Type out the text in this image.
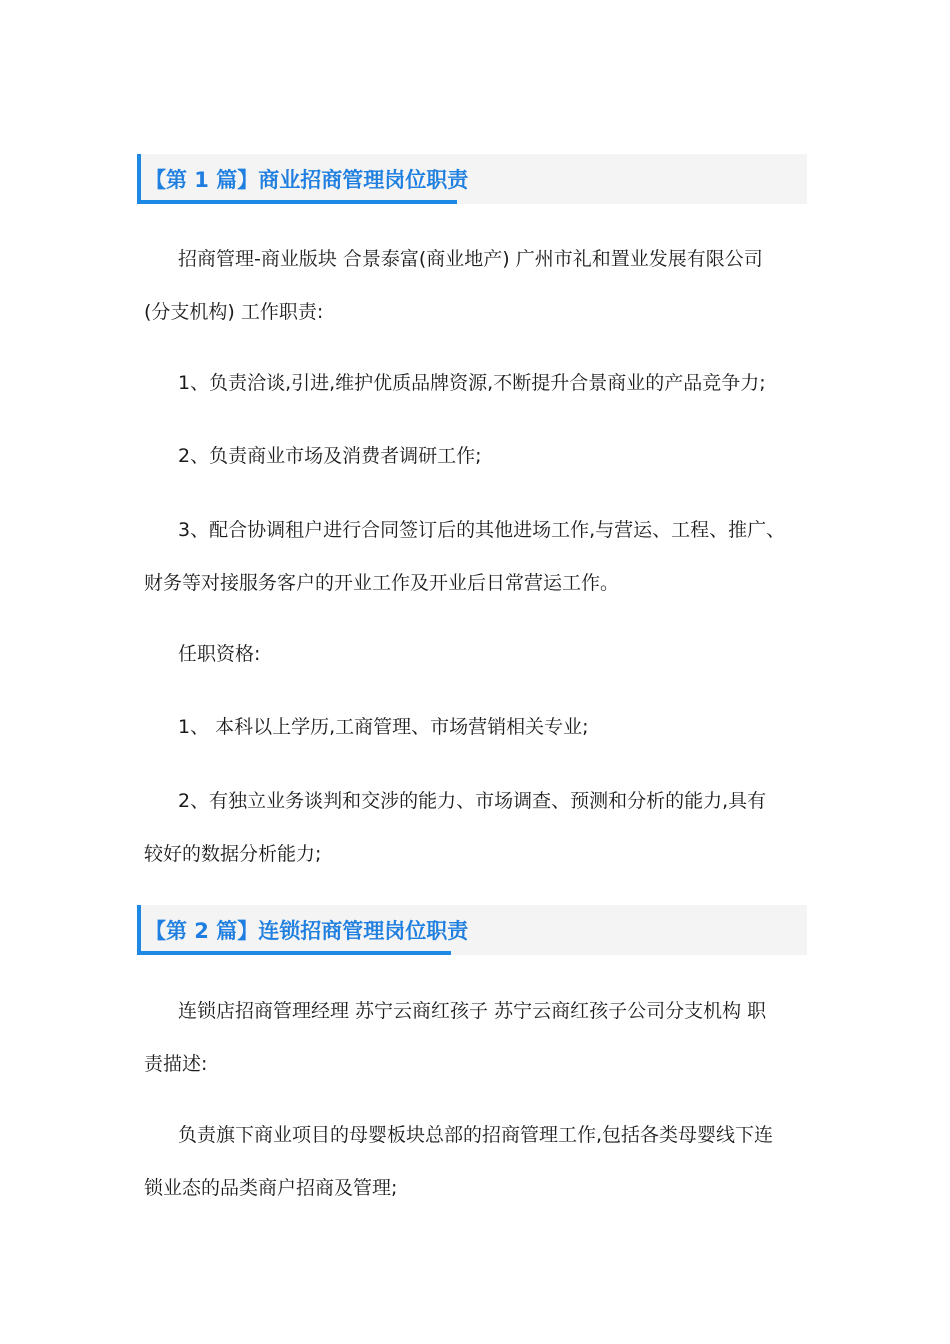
【第 1 篇】商业招商管理岗位职责
招商管理-商业版块 合景泰富(商业地产) 广州市礼和置业发展有限公司
(分支机构) 工作职责:
1、负责洽谈,引进,维护优质品牌资源,不断提升合景商业的产品竞争力;
2、负责商业市场及消费者调研工作;
3、配合协调租户进行合同签订后的其他进场工作,与营运、工程、推广、
财务等对接服务客户的开业工作及开业后日常营运工作。
任职资格:
1、 本科以上学历,工商管理、市场营销相关专业;
2、有独立业务谈判和交涉的能力、市场调查、预测和分析的能力,具有
较好的数据分析能力;
【第 2 篇】连锁招商管理岗位职责
连锁店招商管理经理 苏宁云商红孩子 苏宁云商红孩子公司分支机构 职
责描述:
负责旗下商业项目的母婴板块总部的招商管理工作,包括各类母婴线下连
锁业态的品类商户招商及管理;
